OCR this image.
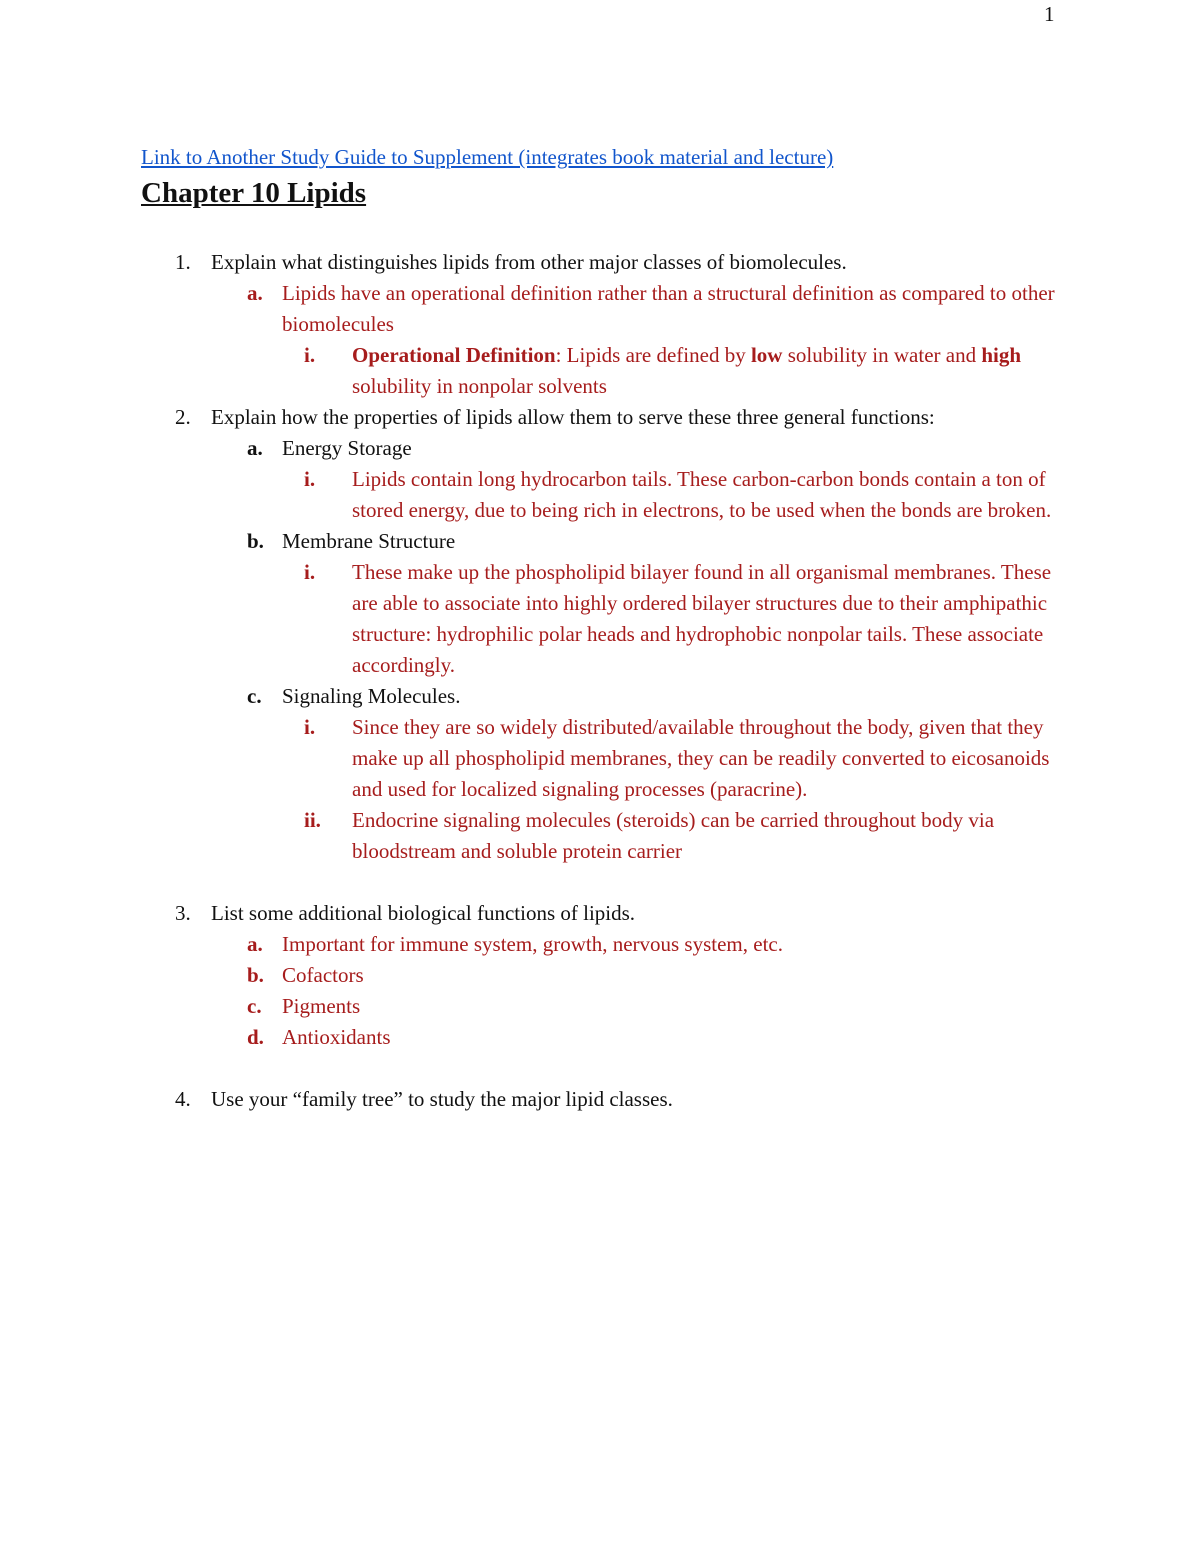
1
Link to Another Study Guide to Supplement (integrates book material and lecture)
Chapter 10 Lipids
1. Explain what distinguishes lipids from other major classes of biomolecules.
a. Lipids have an operational definition rather than a structural definition as compared to other biomolecules
i. Operational Definition: Lipids are defined by low solubility in water and high solubility in nonpolar solvents
2. Explain how the properties of lipids allow them to serve these three general functions:
a. Energy Storage
i. Lipids contain long hydrocarbon tails. These carbon-carbon bonds contain a ton of stored energy, due to being rich in electrons, to be used when the bonds are broken.
b. Membrane Structure
i. These make up the phospholipid bilayer found in all organismal membranes. These are able to associate into highly ordered bilayer structures due to their amphipathic structure: hydrophilic polar heads and hydrophobic nonpolar tails. These associate accordingly.
c. Signaling Molecules.
i. Since they are so widely distributed/available throughout the body, given that they make up all phospholipid membranes, they can be readily converted to eicosanoids and used for localized signaling processes (paracrine).
ii. Endocrine signaling molecules (steroids) can be carried throughout body via bloodstream and soluble protein carrier
3. List some additional biological functions of lipids.
a. Important for immune system, growth, nervous system, etc.
b. Cofactors
c. Pigments
d. Antioxidants
4. Use your “family tree” to study the major lipid classes.
